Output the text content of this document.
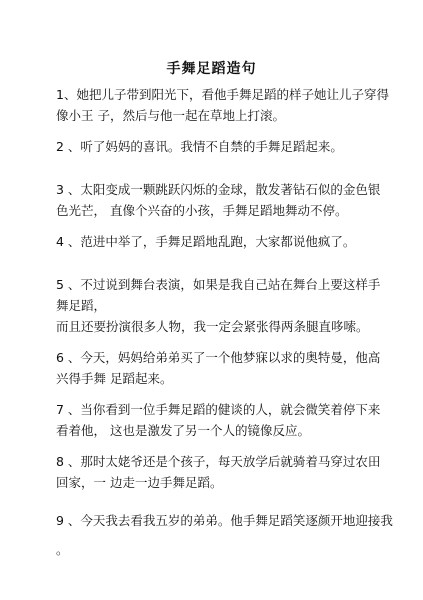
手舞足蹈造句
1、她把儿子带到阳光下，看他手舞足蹈的样子她让儿子穿得
像小王 子，然后与他一起在草地上打滚。
2 、听了妈妈的喜讯。我情不自禁的手舞足蹈起来。
3 、太阳变成一颗跳跃闪烁的金球，散发著钻石似的金色银
色光芒， 直像个兴奋的小孩，手舞足蹈地舞动不停。
4 、范进中举了，手舞足蹈地乱跑，大家都说他疯了。
5 、不过说到舞台表演，如果是我自己站在舞台上要这样手
舞足蹈，
而且还要扮演很多人物，我一定会紧张得两条腿直哆嗦。
6 、今天，妈妈给弟弟买了一个他梦寐以求的奥特曼，他高
兴得手舞 足蹈起来。
7 、当你看到一位手舞足蹈的健谈的人，就会微笑着停下来
看着他， 这也是激发了另一个人的镜像反应。
8 、那时太姥爷还是个孩子，每天放学后就骑着马穿过农田
回家，一 边走一边手舞足蹈。
9 、今天我去看我五岁的弟弟。他手舞足蹈笑逐颜开地迎接我
。
